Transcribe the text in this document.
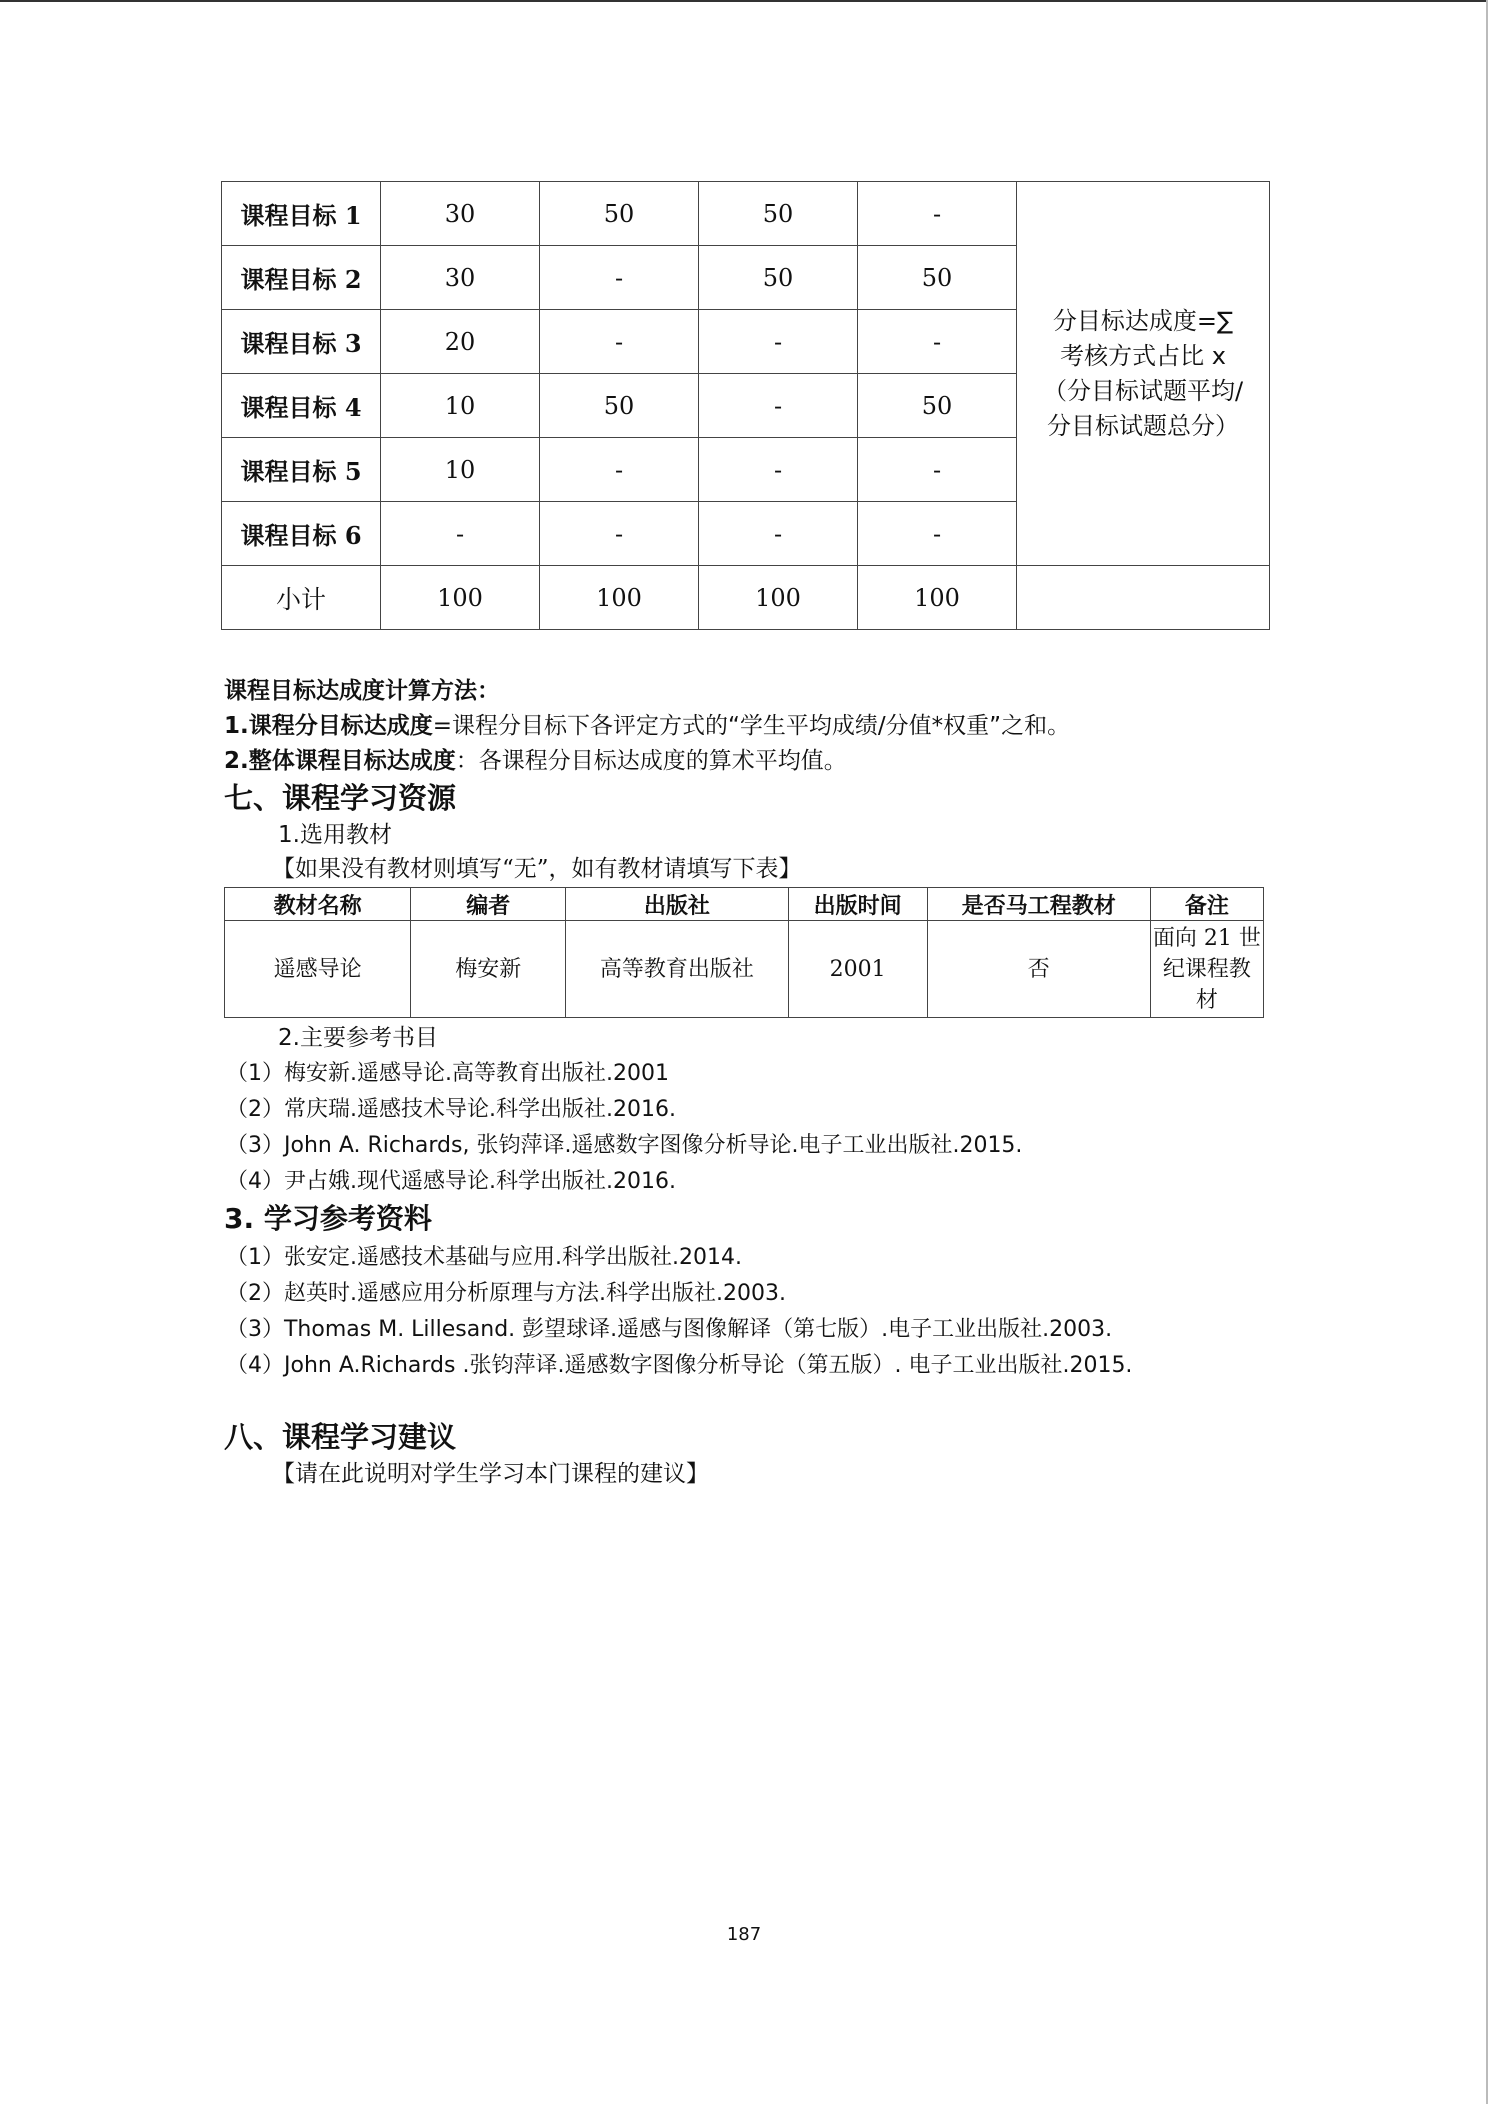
课程目标 1	30	50	50	-	分目标达成度=∑
考核方式占比 x
（分目标试题平均/
分目标试题总分）

课程目标 2	30	-	50	50	
课程目标 3	20	-	-	-	
课程目标 4	10	50	-	50	
课程目标 5	10	-	-	-	
课程目标 6	-	-	-	-	
小计	100	100	100	100	
课程目标达成度计算方法：
1.课程分目标达成度=课程分目标下各评定方式的“学生平均成绩/分值*权重”之和。
2.整体课程目标达成度：各课程分目标达成度的算术平均值。
七、课程学习资源
1.选用教材
【如果没有教材则填写“无”，如有教材请填写下表】
教材名称	编者	出版社	出版时间	是否马工程教材	备注
遥感导论	梅安新	高等教育出版社	2001	否	面向 21 世纪课程教材
2.主要参考书目
（1）梅安新.遥感导论.高等教育出版社.2001
（2）常庆瑞.遥感技术导论.科学出版社.2016.
（3）John A. Richards, 张钧萍译.遥感数字图像分析导论.电子工业出版社.2015.
（4）尹占娥.现代遥感导论.科学出版社.2016.
3. 学习参考资料
（1）张安定.遥感技术基础与应用.科学出版社.2014.
（2）赵英时.遥感应用分析原理与方法.科学出版社.2003.
（3）Thomas M. Lillesand. 彭望球译.遥感与图像解译（第七版）.电子工业出版社.2003.
（4）John A.Richards .张钧萍译.遥感数字图像分析导论（第五版）. 电子工业出版社.2015.
八、课程学习建议
【请在此说明对学生学习本门课程的建议】
187
